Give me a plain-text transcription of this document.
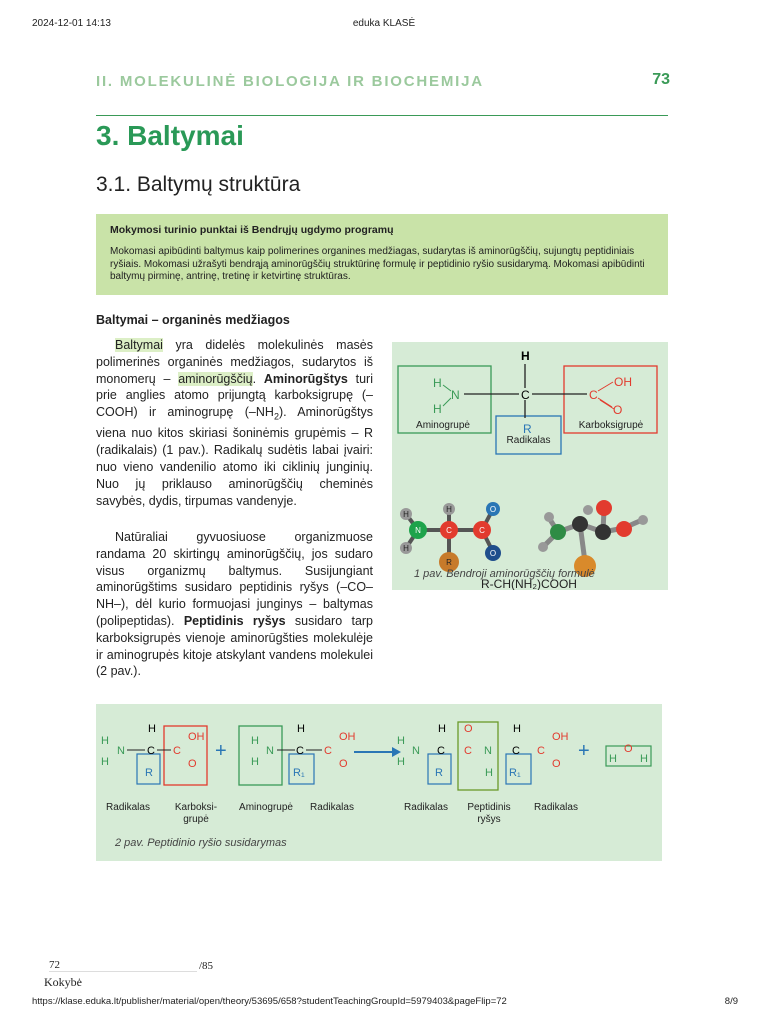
2024-12-01 14:13	eduka KLASĖ
II. MOLEKULINĖ BIOLOGIJA IR BIOCHEMIJA	73
3. Baltymai
3.1. Baltymų struktūra
Mokymosi turinio punktai iš Bendrųjų ugdymo programų
Mokomasi apibūdinti baltymus kaip polimerines organines medžiagas, sudarytas iš aminorūgščių, sujungtų peptidiniais ryšiais. Mokomasi užrašyti bendrąją aminorūgščių struktūrinę formulę ir peptidinio ryšio susidarymą. Mokomasi apibūdinti baltymų pirminę, antrinę, tretinę ir ketvirtinę struktūras.
Baltymai – organinės medžiagos
Baltymai yra didelės molekulinės masės polimerinės organinės medžiagos, sudarytos iš monomerų – aminorūgščių. Aminorūgštys turi prie anglies atomo prijungtą karboksigrupę (–COOH) ir aminogrupę $(-NH_2)$. Aminorūgštys viena nuo kitos skiriasi šoninėmis grupėmis – R (radikalais) (1 pav.). Radikalų sudėtis labai įvairi: nuo vieno vandenilio atomo iki ciklinių junginių. Nuo jų priklauso aminorūgščių cheminės savybės, dydis, tirpumas vandenyje.
Natūraliai gyvuosiuose organizmuose randama 20 skirtingų aminorūgščių, jos sudaro visus organizmų baltymus. Susijungiant aminorūgštims susidaro peptidinis ryšys (–CO–NH–), dėl kurio formuojasi junginys – baltymas (polipeptidas). Peptidinis ryšys susidaro tarp karboksigrupės vienoje aminorūgšties molekulėje ir aminogrupės kitoje atskylant vandens molekulei (2 pav.).
H
C
H
N
H
C
OH
O
R
N	C	C
R
H
H
H
O
O
R-CH(NH₂)COOH
Aminogrupė
Radikalas
Karboksigrupė
1 pav. Bendroji aminorūgščių formulė
H
C
R
H
N
H
C
OH
O
+ H
N
H
H
C
R₁
C
OH
O
H
N
H
H
C
R
O
C N
H
H
C
R₁
C
OH
O
+ H
O
H
Radikalas	Karboksi-
grupė
Aminogrupė	Radikalas	Radikalas	Peptidinis
ryšys
Radikalas
2 pav. Peptidinio ryšio susidarymas
72	/85
Kokybė
https://klase.eduka.lt/publisher/material/open/theory/53695/658?studentTeachingGroupId=5979403&pageFlip=72	8/9
